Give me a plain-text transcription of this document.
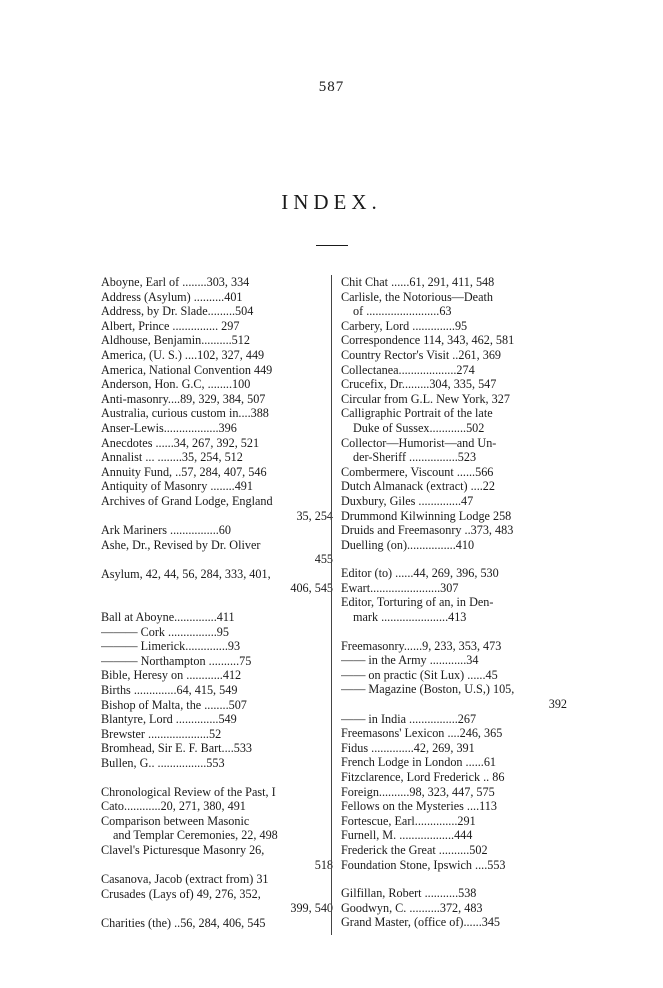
587
INDEX.
Aboyne, Earl of ........303, 334
Address (Asylum) ..........401
Address, by Dr. Slade.........504
Albert, Prince ............... 297
Aldhouse, Benjamin..........512
America, (U. S.) ....102, 327, 449
America, National Convention 449
Anderson, Hon. G.C, ........100
Anti-masonry....89, 329, 384, 507
Australia, curious custom in....388
Anser-Lewis..................396
Anecdotes ......34, 267, 392, 521
Annalist ... ........35, 254, 512
Annuity Fund, ..57, 284, 407, 546
Antiquity of Masonry ........491
Archives of Grand Lodge, England
35, 254
Ark Mariners ................60
Ashe, Dr., Revised by Dr. Oliver
455
Asylum, 42, 44, 56, 284, 333, 401,
406, 545
Ball at Aboyne..............411
——— Cork ................95
——— Limerick..............93
——— Northampton ..........75
Bible, Heresy on ............412
Births ..............64, 415, 549
Bishop of Malta, the ........507
Blantyre, Lord ..............549
Brewster ....................52
Bromhead, Sir E. F. Bart....533
Bullen, G.. ................553
Chronological Review of the Past, I
Cato............20, 271, 380, 491
Comparison between Masonic
and Templar Ceremonies, 22, 498
Clavel's Picturesque Masonry 26,
518
Casanova, Jacob (extract from) 31
Crusades (Lays of) 49, 276, 352,
399, 540
Charities (the) ..56, 284, 406, 545
Chit Chat ......61, 291, 411, 548
Carlisle, the Notorious—Death
of ........................63
Carbery, Lord ..............95
Correspondence 114, 343, 462, 581
Country Rector's Visit ..261, 369
Collectanea...................274
Crucefix, Dr.........304, 335, 547
Circular from G.L. New York, 327
Calligraphic Portrait of the late
Duke of Sussex............502
Collector—Humorist—and Un-
der-Sheriff ................523
Combermere, Viscount ......566
Dutch Almanack (extract) ....22
Duxbury, Giles ..............47
Drummond Kilwinning Lodge 258
Druids and Freemasonry ..373, 483
Duelling (on)................410
Editor (to) ......44, 269, 396, 530
Ewart.......................307
Editor, Torturing of an, in Den-
mark ......................413
Freemasonry......9, 233, 353, 473
—— in the Army ............34
—— on practic (Sit Lux) ......45
—— Magazine (Boston, U.S,) 105,
392
—— in India ................267
Freemasons' Lexicon ....246, 365
Fidus ..............42, 269, 391
French Lodge in London ......61
Fitzclarence, Lord Frederick .. 86
Foreign..........98, 323, 447, 575
Fellows on the Mysteries ....113
Fortescue, Earl..............291
Furnell, M. ..................444
Frederick the Great ..........502
Foundation Stone, Ipswich ....553
Gilfillan, Robert ...........538
Goodwyn, C. ..........372, 483
Grand Master, (office of)......345
